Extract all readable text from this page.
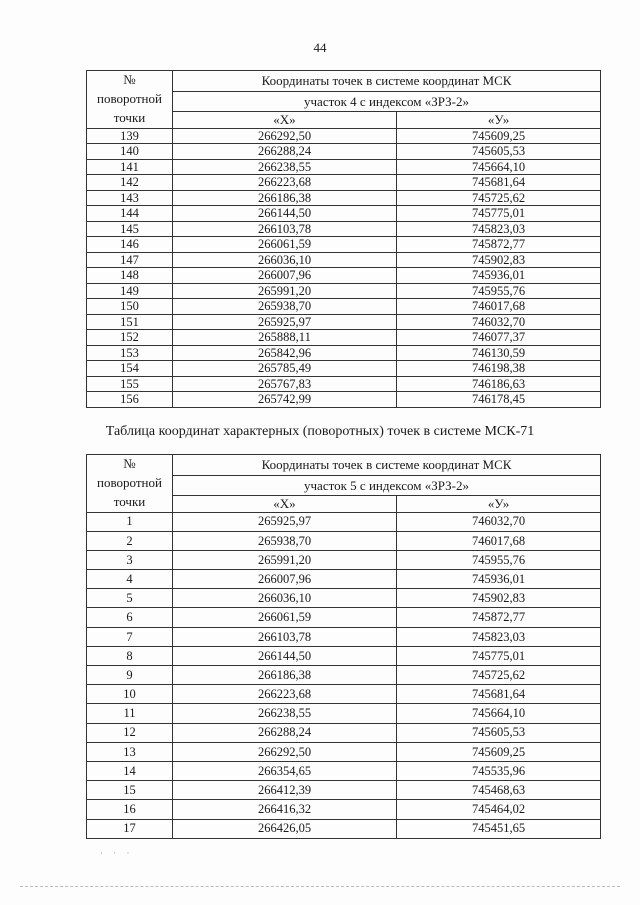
44
№
поворотной
точки	Координаты точек в системе координат МСК	
	участок 4 с индексом «ЗРЗ-2»	
	«Х»	«У»
139	266292,50	745609,25
140	266288,24	745605,53
141	266238,55	745664,10
142	266223,68	745681,64
143	266186,38	745725,62
144	266144,50	745775,01
145	266103,78	745823,03
146	266061,59	745872,77
147	266036,10	745902,83
148	266007,96	745936,01
149	265991,20	745955,76
150	265938,70	746017,68
151	265925,97	746032,70
152	265888,11	746077,37
153	265842,96	746130,59
154	265785,49	746198,38
155	265767,83	746186,63
156	265742,99	746178,45
Таблица координат характерных (поворотных) точек в системе МСК-71
№
поворотной
точки	Координаты точек в системе координат МСК	
	участок 5 с индексом «ЗРЗ-2»	
	«Х»	«У»
1	265925,97	746032,70
2	265938,70	746017,68
3	265991,20	745955,76
4	266007,96	745936,01
5	266036,10	745902,83
6	266061,59	745872,77
7	266103,78	745823,03
8	266144,50	745775,01
9	266186,38	745725,62
10	266223,68	745681,64
11	266238,55	745664,10
12	266288,24	745605,53
13	266292,50	745609,25
14	266354,65	745535,96
15	266412,39	745468,63
16	266416,32	745464,02
17	266426,05	745451,65
· · ·
